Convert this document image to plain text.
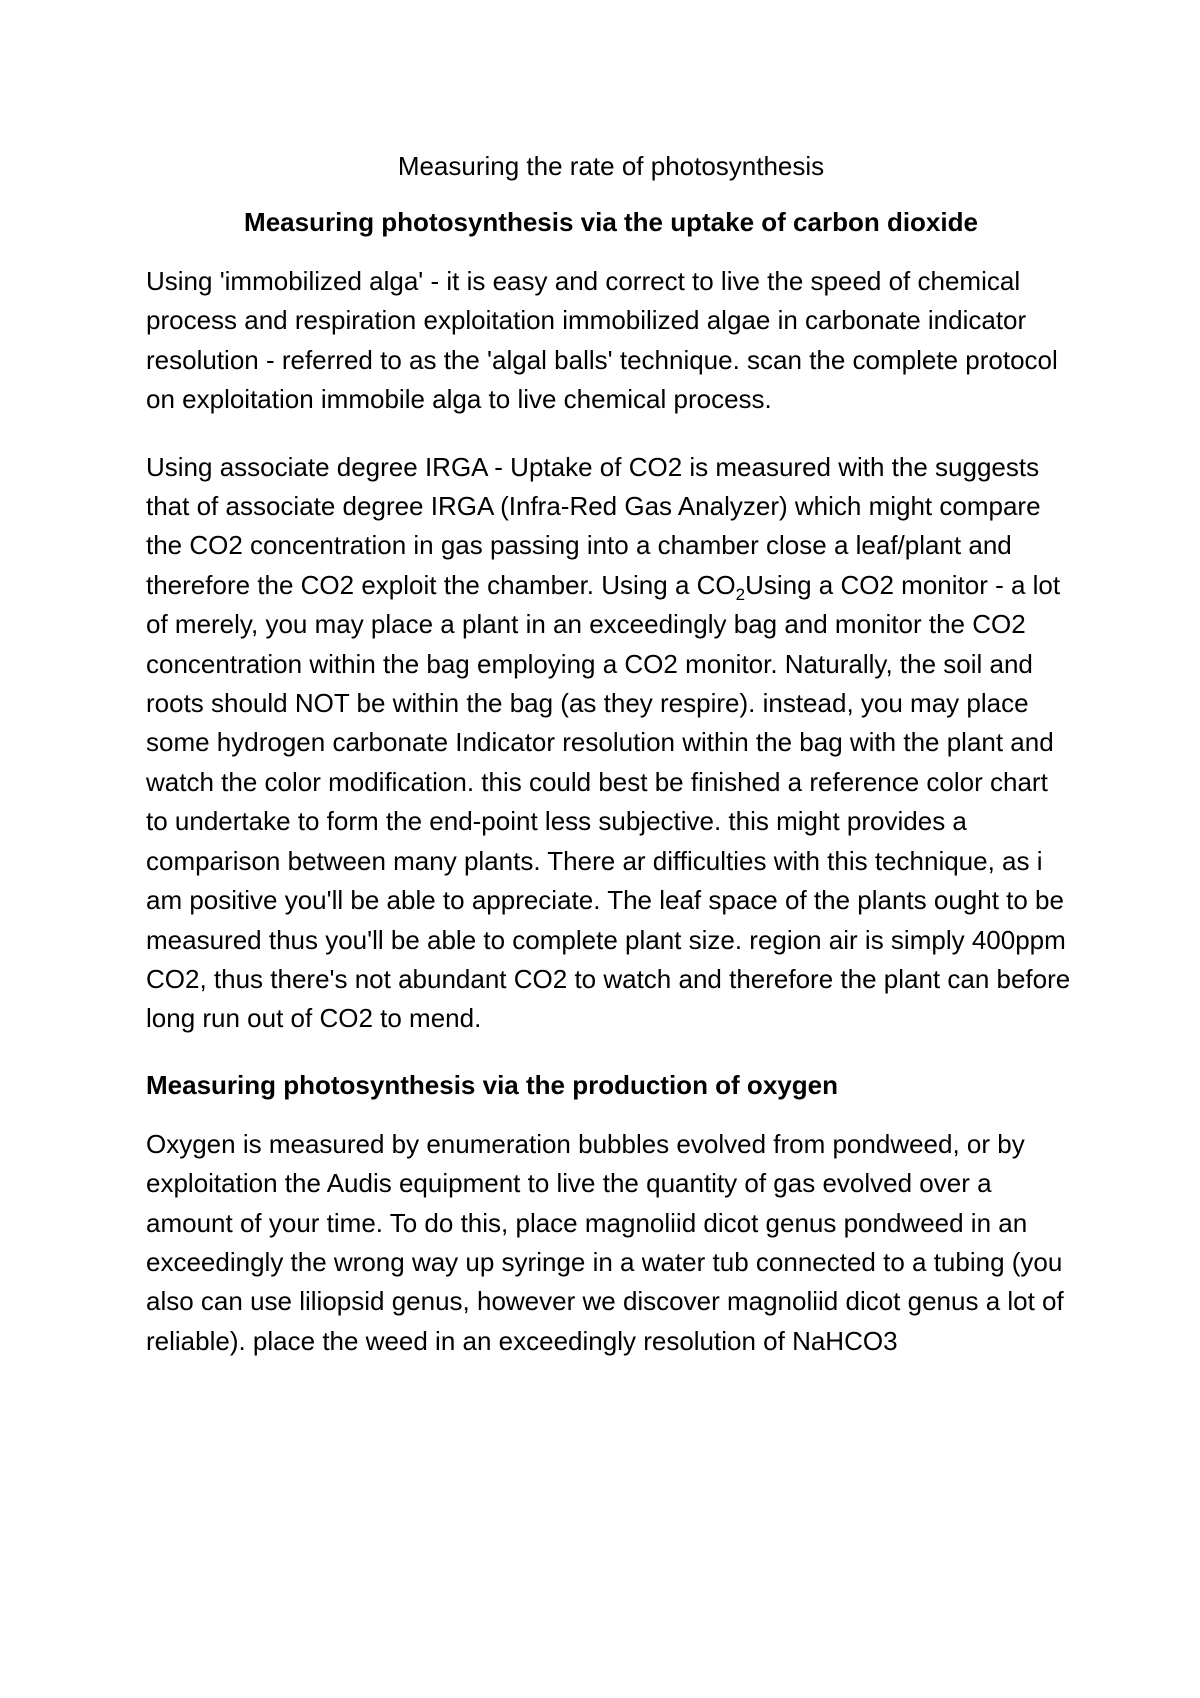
Measuring the rate of photosynthesis
Measuring photosynthesis via the uptake of carbon dioxide

Using 'immobilized alga' - it is easy and correct to live the speed of chemical process and respiration exploitation immobilized algae in carbonate indicator resolution - referred to as the 'algal balls' technique. scan the complete protocol on exploitation immobile alga to live chemical process.

Using associate degree IRGA - Uptake of CO2 is measured with the suggests that of associate degree IRGA (Infra-Red Gas Analyzer) which might compare the CO2 concentration in gas passing into a chamber close a leaf/plant and therefore the CO2 exploit the chamber. Using a $CO_2Using$ a CO2 monitor - a lot of merely, you may place a plant in an exceedingly bag and monitor the CO2 concentration within the bag employing a CO2 monitor. Naturally, the soil and roots should NOT be within the bag (as they respire). instead, you may place some hydrogen carbonate Indicator resolution within the bag with the plant and watch the color modification. this could best be finished a reference color chart to undertake to form the end-point less subjective. this might provides a comparison between many plants. There ar difficulties with this technique, as i am positive you'll be able to appreciate. The leaf space of the plants ought to be measured thus you'll be able to complete plant size. region air is simply 400ppm CO2, thus there's not abundant CO2 to watch and therefore the plant can before long run out of CO2 to mend.

Measuring photosynthesis via the production of oxygen

Oxygen is measured by enumeration bubbles evolved from pondweed, or by exploitation the Audis equipment to live the quantity of gas evolved over a amount of your time. To do this, place magnoliid dicot genus pondweed in an exceedingly the wrong way up syringe in a water tub connected to a tubing (you also can use liliopsid genus, however we discover magnoliid dicot genus a lot of reliable). place the weed in an exceedingly resolution of NaHCO3
